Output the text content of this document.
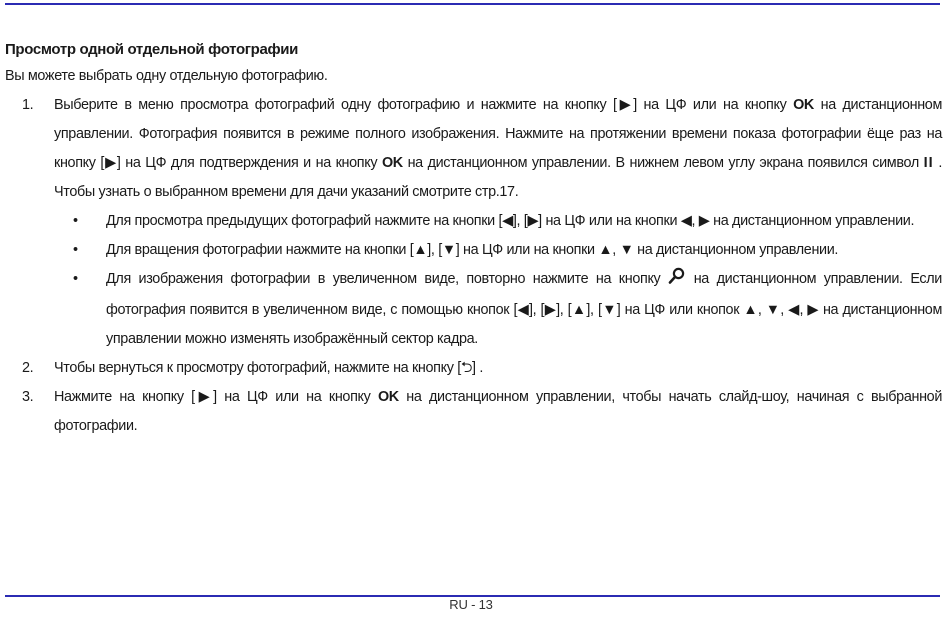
Просмотр одной отдельной фотографии

Вы можете выбрать одну отдельную фотографию.

1. Выберите в меню просмотра фотографий одну фотографию и нажмите на кнопку [▶] на ЦФ или на кнопку OK на дистанционном управлении. Фотография появится в режиме полного изображения. Нажмите на протяжении времени показа фотографии ёще раз на кнопку [▶] на ЦФ для подтверждения и на кнопку OK на дистанционном управлении. В нижнем левом углу экрана появился символ II . Чтобы узнать о выбранном времени для дачи указаний смотрите стр.17.
• Для просмотра предыдущих фотографий нажмите на кнопки [◀], [▶] на ЦФ или на кнопки ◀, ▶ на дистанционном управлении.
• Для вращения фотографии нажмите на кнопки [▲], [▼] на ЦФ или на кнопки ▲, ▼ на дистанционном управлении.
• Для изображения фотографии в увеличенном виде, повторно нажмите на кнопку  на дистанционном управлении. Если фотография появится в увеличенном виде, с помощью кнопок [◀], [▶], [▲], [▼] на ЦФ или кнопок ▲, ▼, ◀, ▶ на дистанционном управлении можно изменять изображённый сектор кадра.
2. Чтобы вернуться к просмотру фотографий, нажмите на кнопку [⮌] .
3. Нажмите на кнопку [▶] на ЦФ или на кнопку OK на дистанционном управлении, чтобы начать слайд-шоу, начиная с выбранной фотографии.
RU - 13
